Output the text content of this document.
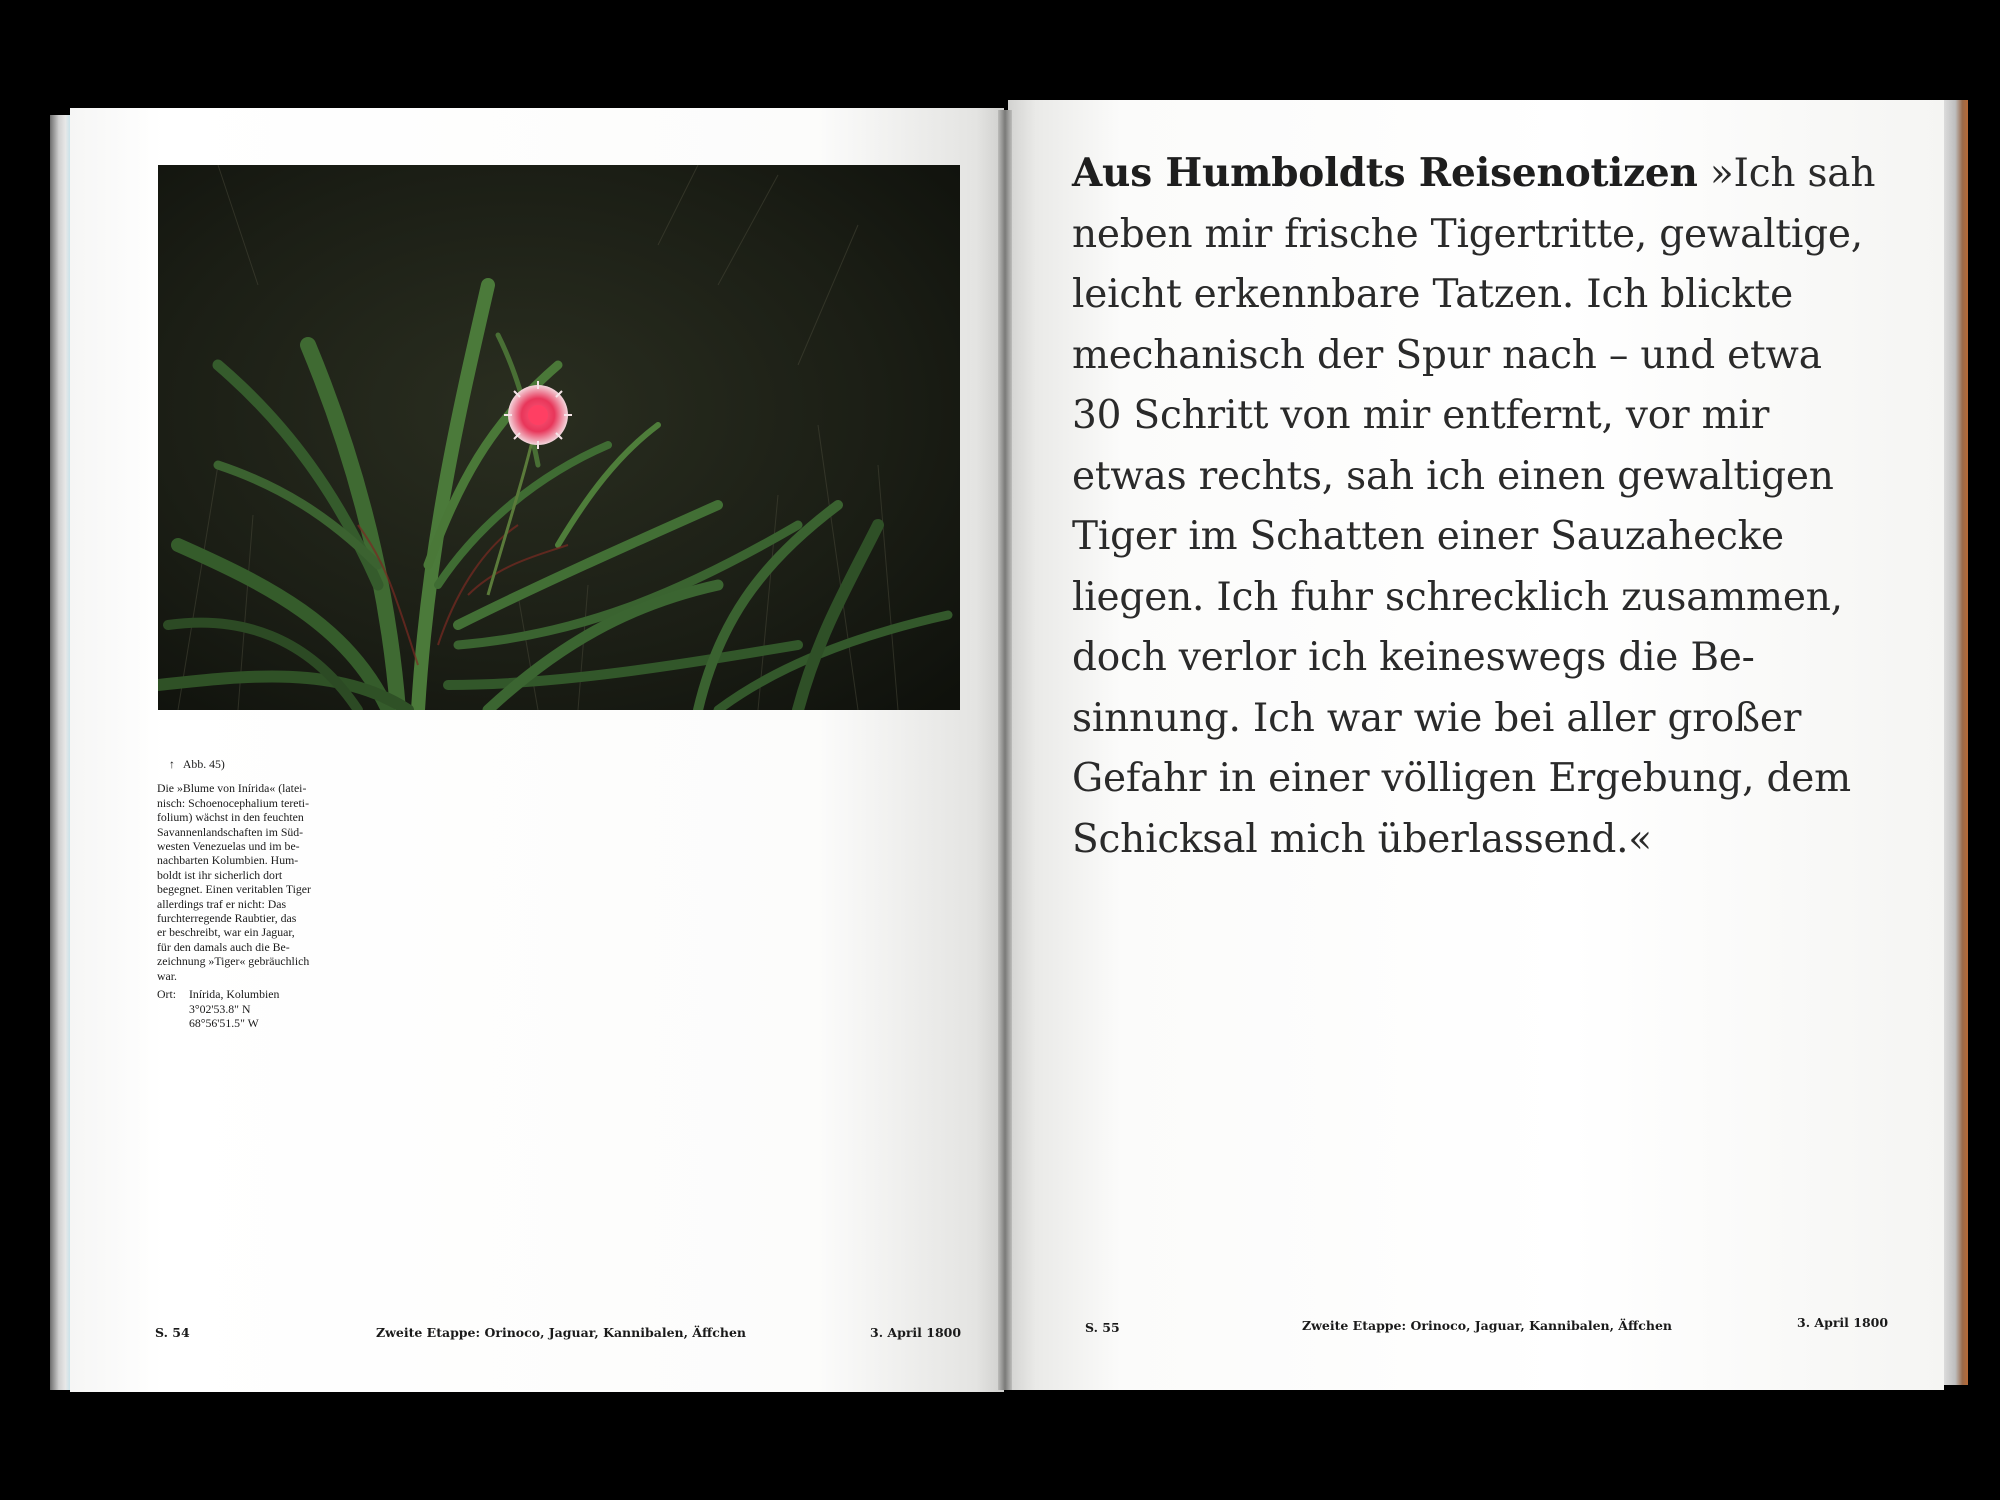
↑ Abb. 45)
Die »Blume von Inírida« (latei-
nisch: Schoenocephalium tereti-
folium) wächst in den feuchten
Savannenlandschaften im Süd-
westen Venezuelas und im be-
nachbarten Kolumbien. Hum-
boldt ist ihr sicherlich dort
begegnet. Einen veritablen Tiger
allerdings traf er nicht: Das
furchterregende Raubtier, das
er beschreibt, war ein Jaguar,
für den damals auch die Be-
zeichnung »Tiger« gebräuchlich
war.
Ort:	Inírida, Kolumbien
3°02'53.8" N
68°56'51.5" W
Aus Humboldts Reisenotizen »Ich sah
neben mir frische Tigertritte, gewaltige,
leicht erkennbare Tatzen. Ich blickte
mechanisch der Spur nach – und etwa
30 Schritt von mir entfernt, vor mir
etwas rechts, sah ich einen gewaltigen
Tiger im Schatten einer Sauzahecke
liegen. Ich fuhr schrecklich zusammen,
doch verlor ich keineswegs die Be-
sinnung. Ich war wie bei aller großer
Gefahr in einer völligen Ergebung, dem
Schicksal mich überlassend.«
S. 54	Zweite Etappe: Orinoco, Jaguar, Kannibalen, Äffchen	3. April 1800	S. 55	Zweite Etappe: Orinoco, Jaguar, Kannibalen, Äffchen	3. April 1800
